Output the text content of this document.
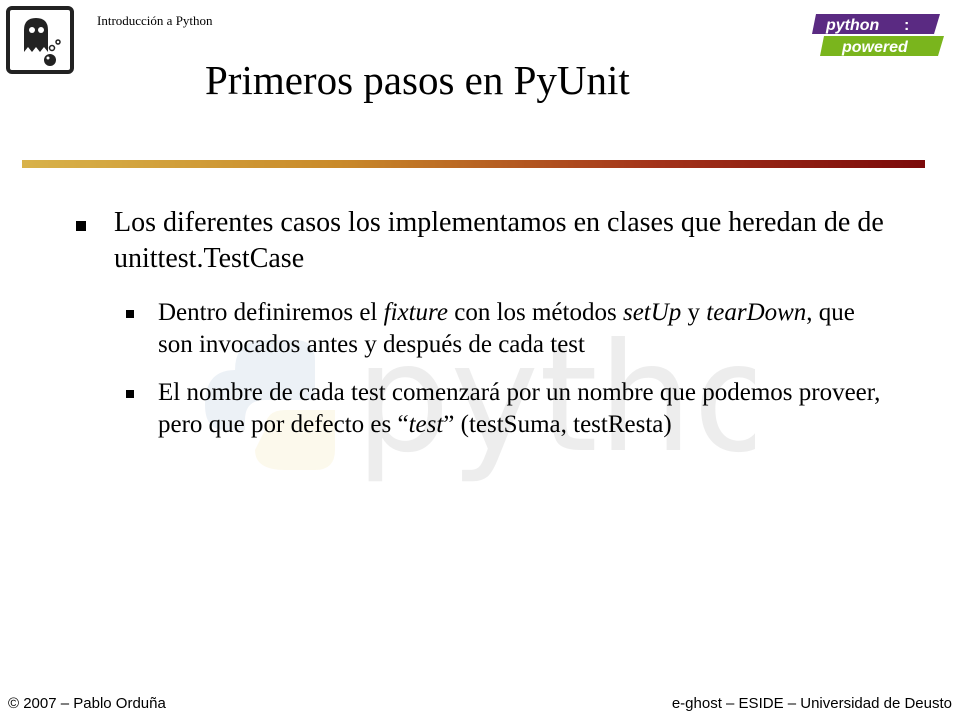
Introducción a Python	python :
powered
Primeros pasos en PyUnit
pytho
Los diferentes casos los implementamos en clases que heredan de de unittest.TestCase
Dentro definiremos el fixture con los métodos setUp y tearDown, que son invocados antes y después de cada test
El nombre de cada test comenzará por un nombre que podemos proveer, pero que por defecto es “test” (testSuma, testResta)
© 2007 – Pablo Orduña	e-ghost – ESIDE – Universidad de Deusto
